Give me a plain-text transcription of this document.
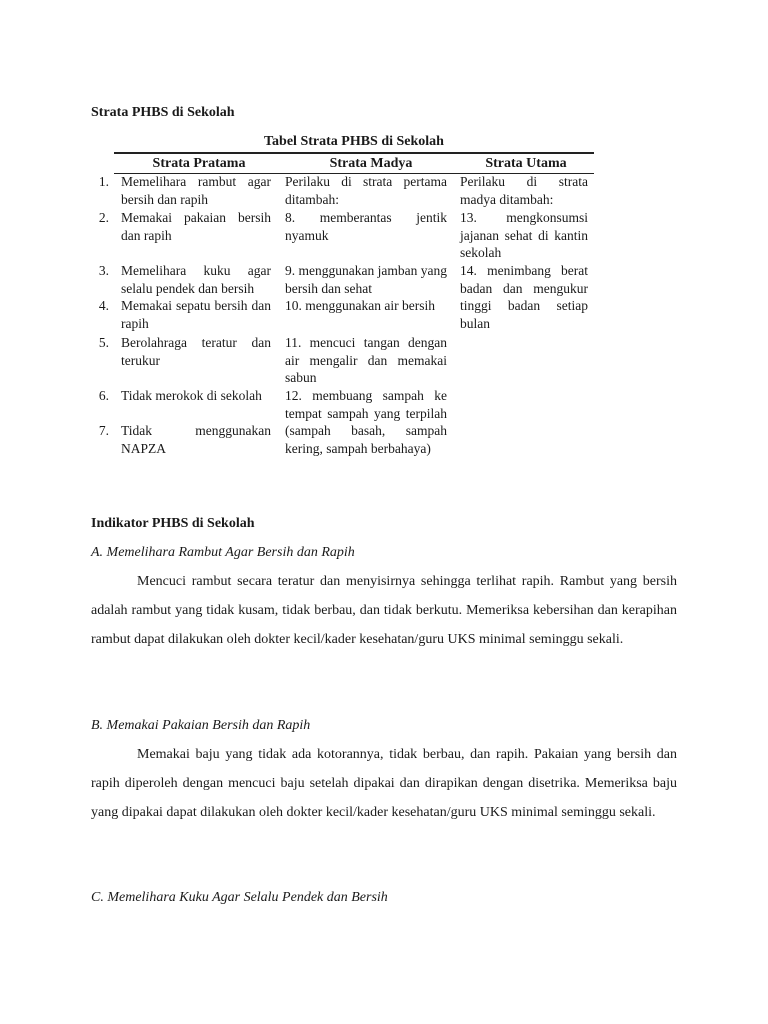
Strata PHBS di Sekolah
Tabel Strata PHBS di Sekolah
Strata Pratama	Strata Madya	Strata Utama
1. Memelihara rambut agar bersih dan rapih
2. Memakai pakaian bersih dan rapih
3. Memelihara kuku agar selalu pendek dan bersih
4. Memakai sepatu bersih dan rapih
5. Berolahraga teratur dan terukur
6. Tidak merokok di sekolah
7. Tidak menggunakan NAPZA
Perilaku di strata pertama ditambah:
8. memberantas jentik nyamuk
9. menggunakan jamban yang bersih dan sehat
10. menggunakan air bersih
11. mencuci tangan dengan air mengalir dan memakai sabun
12. membuang sampah ke tempat sampah yang terpilah (sampah basah, sampah kering, sampah berbahaya)
Perilaku di strata madya ditambah:
13. mengkonsumsi jajanan sehat di kantin sekolah
14. menimbang berat badan dan mengukur tinggi badan setiap bulan
Indikator PHBS di Sekolah
A. Memelihara Rambut Agar Bersih dan Rapih

Mencuci rambut secara teratur dan menyisirnya sehingga terlihat rapih. Rambut yang bersih adalah rambut yang tidak kusam, tidak berbau, dan tidak berkutu. Memeriksa kebersihan dan kerapihan rambut dapat dilakukan oleh dokter kecil/kader kesehatan/guru UKS minimal seminggu sekali.

B. Memakai Pakaian Bersih dan Rapih

Memakai baju yang tidak ada kotorannya, tidak berbau, dan rapih. Pakaian yang bersih dan rapih diperoleh dengan mencuci baju setelah dipakai dan dirapikan dengan disetrika. Memeriksa baju yang dipakai dapat dilakukan oleh dokter kecil/kader kesehatan/guru UKS minimal seminggu sekali.

C. Memelihara Kuku Agar Selalu Pendek dan Bersih
